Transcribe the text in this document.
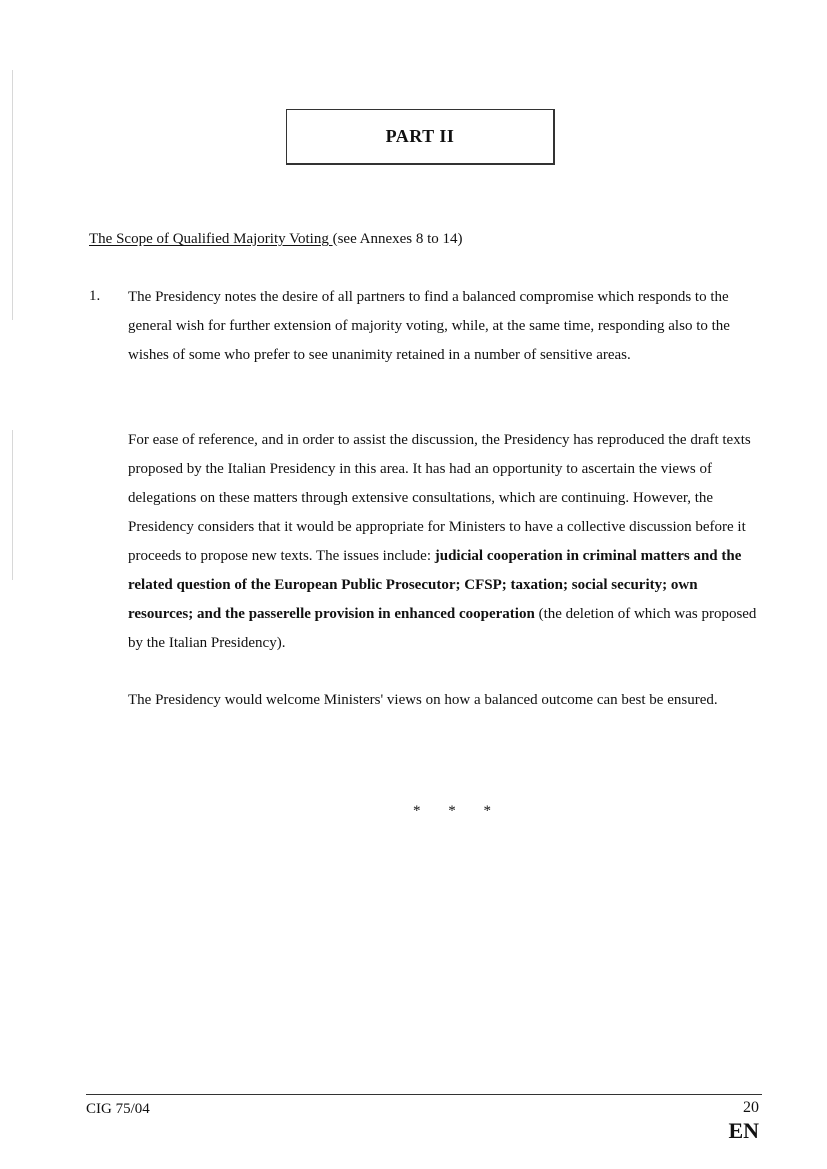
PART II
The Scope of Qualified Majority Voting (see Annexes 8 to 14)
1. The Presidency notes the desire of all partners to find a balanced compromise which responds to the general wish for further extension of majority voting, while, at the same time, responding also to the wishes of some who prefer to see unanimity retained in a number of sensitive areas.

For ease of reference, and in order to assist the discussion, the Presidency has reproduced the draft texts proposed by the Italian Presidency in this area. It has had an opportunity to ascertain the views of delegations on these matters through extensive consultations, which are continuing. However, the Presidency considers that it would be appropriate for Ministers to have a collective discussion before it proceeds to propose new texts. The issues include: judicial cooperation in criminal matters and the related question of the European Public Prosecutor; CFSP; taxation; social security; own resources; and the passerelle provision in enhanced cooperation (the deletion of which was proposed by the Italian Presidency).

The Presidency would welcome Ministers' views on how a balanced outcome can best be ensured.

* * *
CIG 75/04	20
EN
